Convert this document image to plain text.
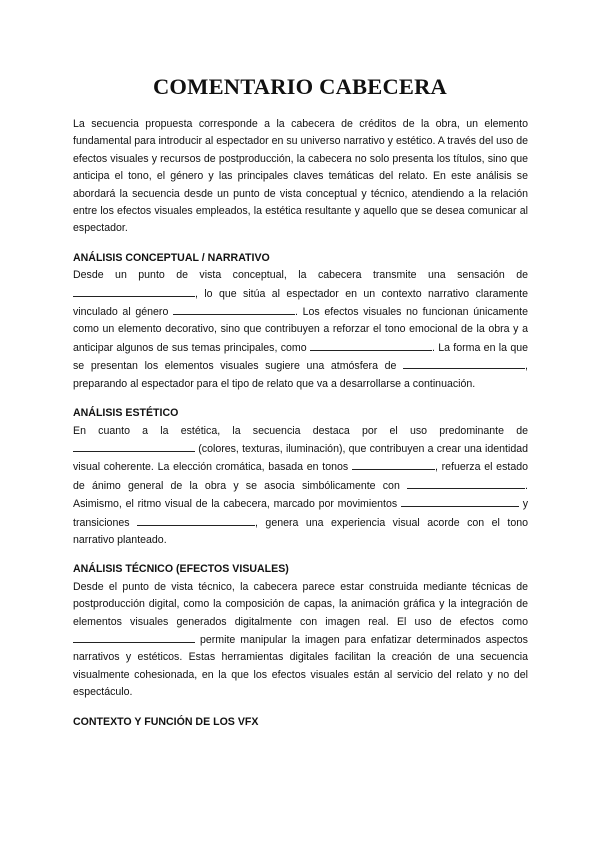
COMENTARIO CABECERA

La secuencia propuesta corresponde a la cabecera de créditos de la obra, un elemento fundamental para introducir al espectador en su universo narrativo y estético. A través del uso de efectos visuales y recursos de postproducción, la cabecera no solo presenta los títulos, sino que anticipa el tono, el género y las principales claves temáticas del relato. En este análisis se abordará la secuencia desde un punto de vista conceptual y técnico, atendiendo a la relación entre los efectos visuales empleados, la estética resultante y aquello que se desea comunicar al espectador.

ANÁLISIS CONCEPTUAL / NARRATIVO

Desde un punto de vista conceptual, la cabecera transmite una sensación de , lo que sitúa al espectador en un contexto narrativo claramente vinculado al género	. Los efectos visuales no funcionan únicamente como un elemento decorativo, sino que contribuyen a reforzar el tono emocional de la obra y a anticipar algunos de sus temas principales, como	. La forma en la que se presentan los elementos visuales sugiere una atmósfera de	, preparando al espectador para el tipo de relato que va a desarrollarse a continuación.

ANÁLISIS ESTÉTICO

En cuanto a la estética, la secuencia destaca por el uso predominante de  (colores, texturas, iluminación), que contribuyen a crear una identidad visual coherente. La elección cromática, basada en tonos	, refuerza el estado de ánimo general de la obra y se asocia simbólicamente con	. Asimismo, el ritmo visual de la cabecera, marcado por movimientos	y transiciones	, genera una experiencia visual acorde con el tono narrativo planteado.

ANÁLISIS TÉCNICO (EFECTOS VISUALES)

Desde el punto de vista técnico, la cabecera parece estar construida mediante técnicas de postproducción digital, como la composición de capas, la animación gráfica y la integración de elementos visuales generados digitalmente con imagen real. El uso de efectos como  permite manipular la imagen para enfatizar determinados aspectos narrativos y estéticos. Estas herramientas digitales facilitan la creación de una secuencia visualmente cohesionada, en la que los efectos visuales están al servicio del relato y no del espectáculo.

CONTEXTO Y FUNCIÓN DE LOS VFX
